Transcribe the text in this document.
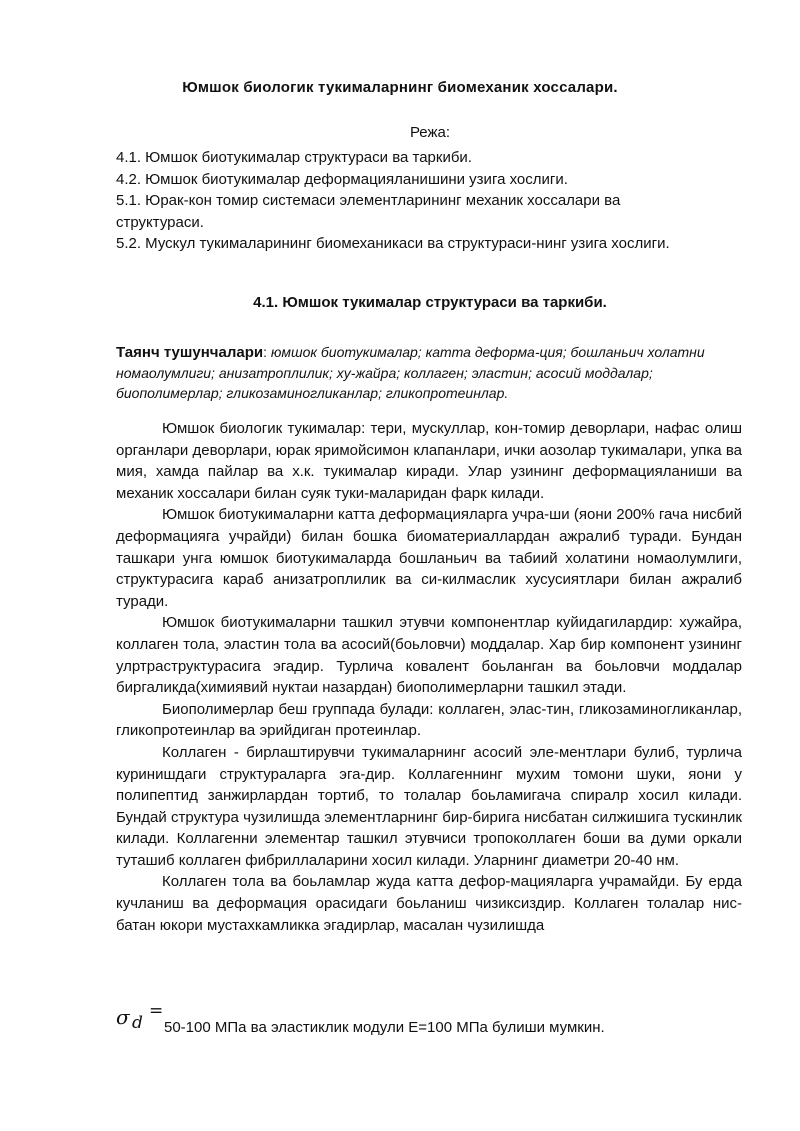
Юмшок биологик тукималарнинг биомеханик хоссалари.
Режа:
4.1. Юмшок биотукималар структураси ва таркиби.
4.2. Юмшок биотукималар деформацияланишини узига хослиги.
5.1. Юрак-кон томир системаси элементларининг механик хоссалари ва
структураси.
5.2. Мускул тукималарининг биомеханикаси ва структураси-нинг узига хослиги.
4.1. Юмшок тукималар структураси ва таркиби.
Таянч тушунчалари: юмшок биотукималар; катта деформа-ция; бошланьич холатни номаолумлиги; анизатроплилик; ху-жайра; коллаген; эластин; асосий моддалар; биополимерлар; гликозаминогликанлар; гликопротеинлар.

Юмшок биологик тукималар: тери, мускуллар, кон-томир деворлари, нафас олиш органлари деворлари, юрак яримойсимон клапанлари, ички аозолар тукималари, упка ва мия, хамда пайлар ва х.к. тукималар киради. Улар узининг деформацияланиши ва механик хоссалари билан суяк туки-маларидан фарк килади.

Юмшок биотукималарни катта деформацияларга учра-ши (яони 200% гача нисбий деформацияга учрайди) билан бошка биоматериаллардан ажралиб туради. Бундан ташкари унга юмшок биотукималарда бошланьич ва табиий холатини номаолумлиги, структурасига караб анизатроплилик ва си-килмаслик хусусиятлари билан ажралиб туради.

Юмшок биотукималарни ташкил этувчи компонентлар куйидагилардир: хужайра, коллаген тола, эластин тола ва асосий(боьловчи) моддалар. Хар бир компонент узининг улртраструктурасига эгадир. Турлича ковалент боьланган ва боьловчи моддалар биргаликда(химиявий нуктаи назардан) биополимерларни ташкил этади.

Биополимерлар беш группада булади: коллаген, элас-тин, гликозаминогликанлар, гликопротеинлар ва эрийдиган протеинлар.

Коллаген - бирлаштирувчи тукималарнинг асосий эле-ментлари булиб, турлича куринишдаги структураларга эга-дир. Коллагеннинг мухим томони шуки, яони у полипептид занжирлардан тортиб, то толалар боьламигача спиралр хосил килади. Бундай структура чузилишда элементларнинг бир-бирига нисбатан силжишига тускинлик килади. Коллагенни элементар ташкил этувчиси тропоколлаген боши ва думи оркали туташиб коллаген фибриллаларини хосил килади. Уларнинг диаметри 20-40 нм.

Коллаген тола ва боьламлар жуда катта дефор-мацияларга учрамайди. Бу ерда кучланиш ва деформация орасидаги боьланиш чизиксиздир. Коллаген толалар нис-батан юкори мустахкамликка эгадирлар, масалан чузилишда

σ d
=
50-100 МПа ва эластиклик модули Е=100 МПа булиши мумкин.
